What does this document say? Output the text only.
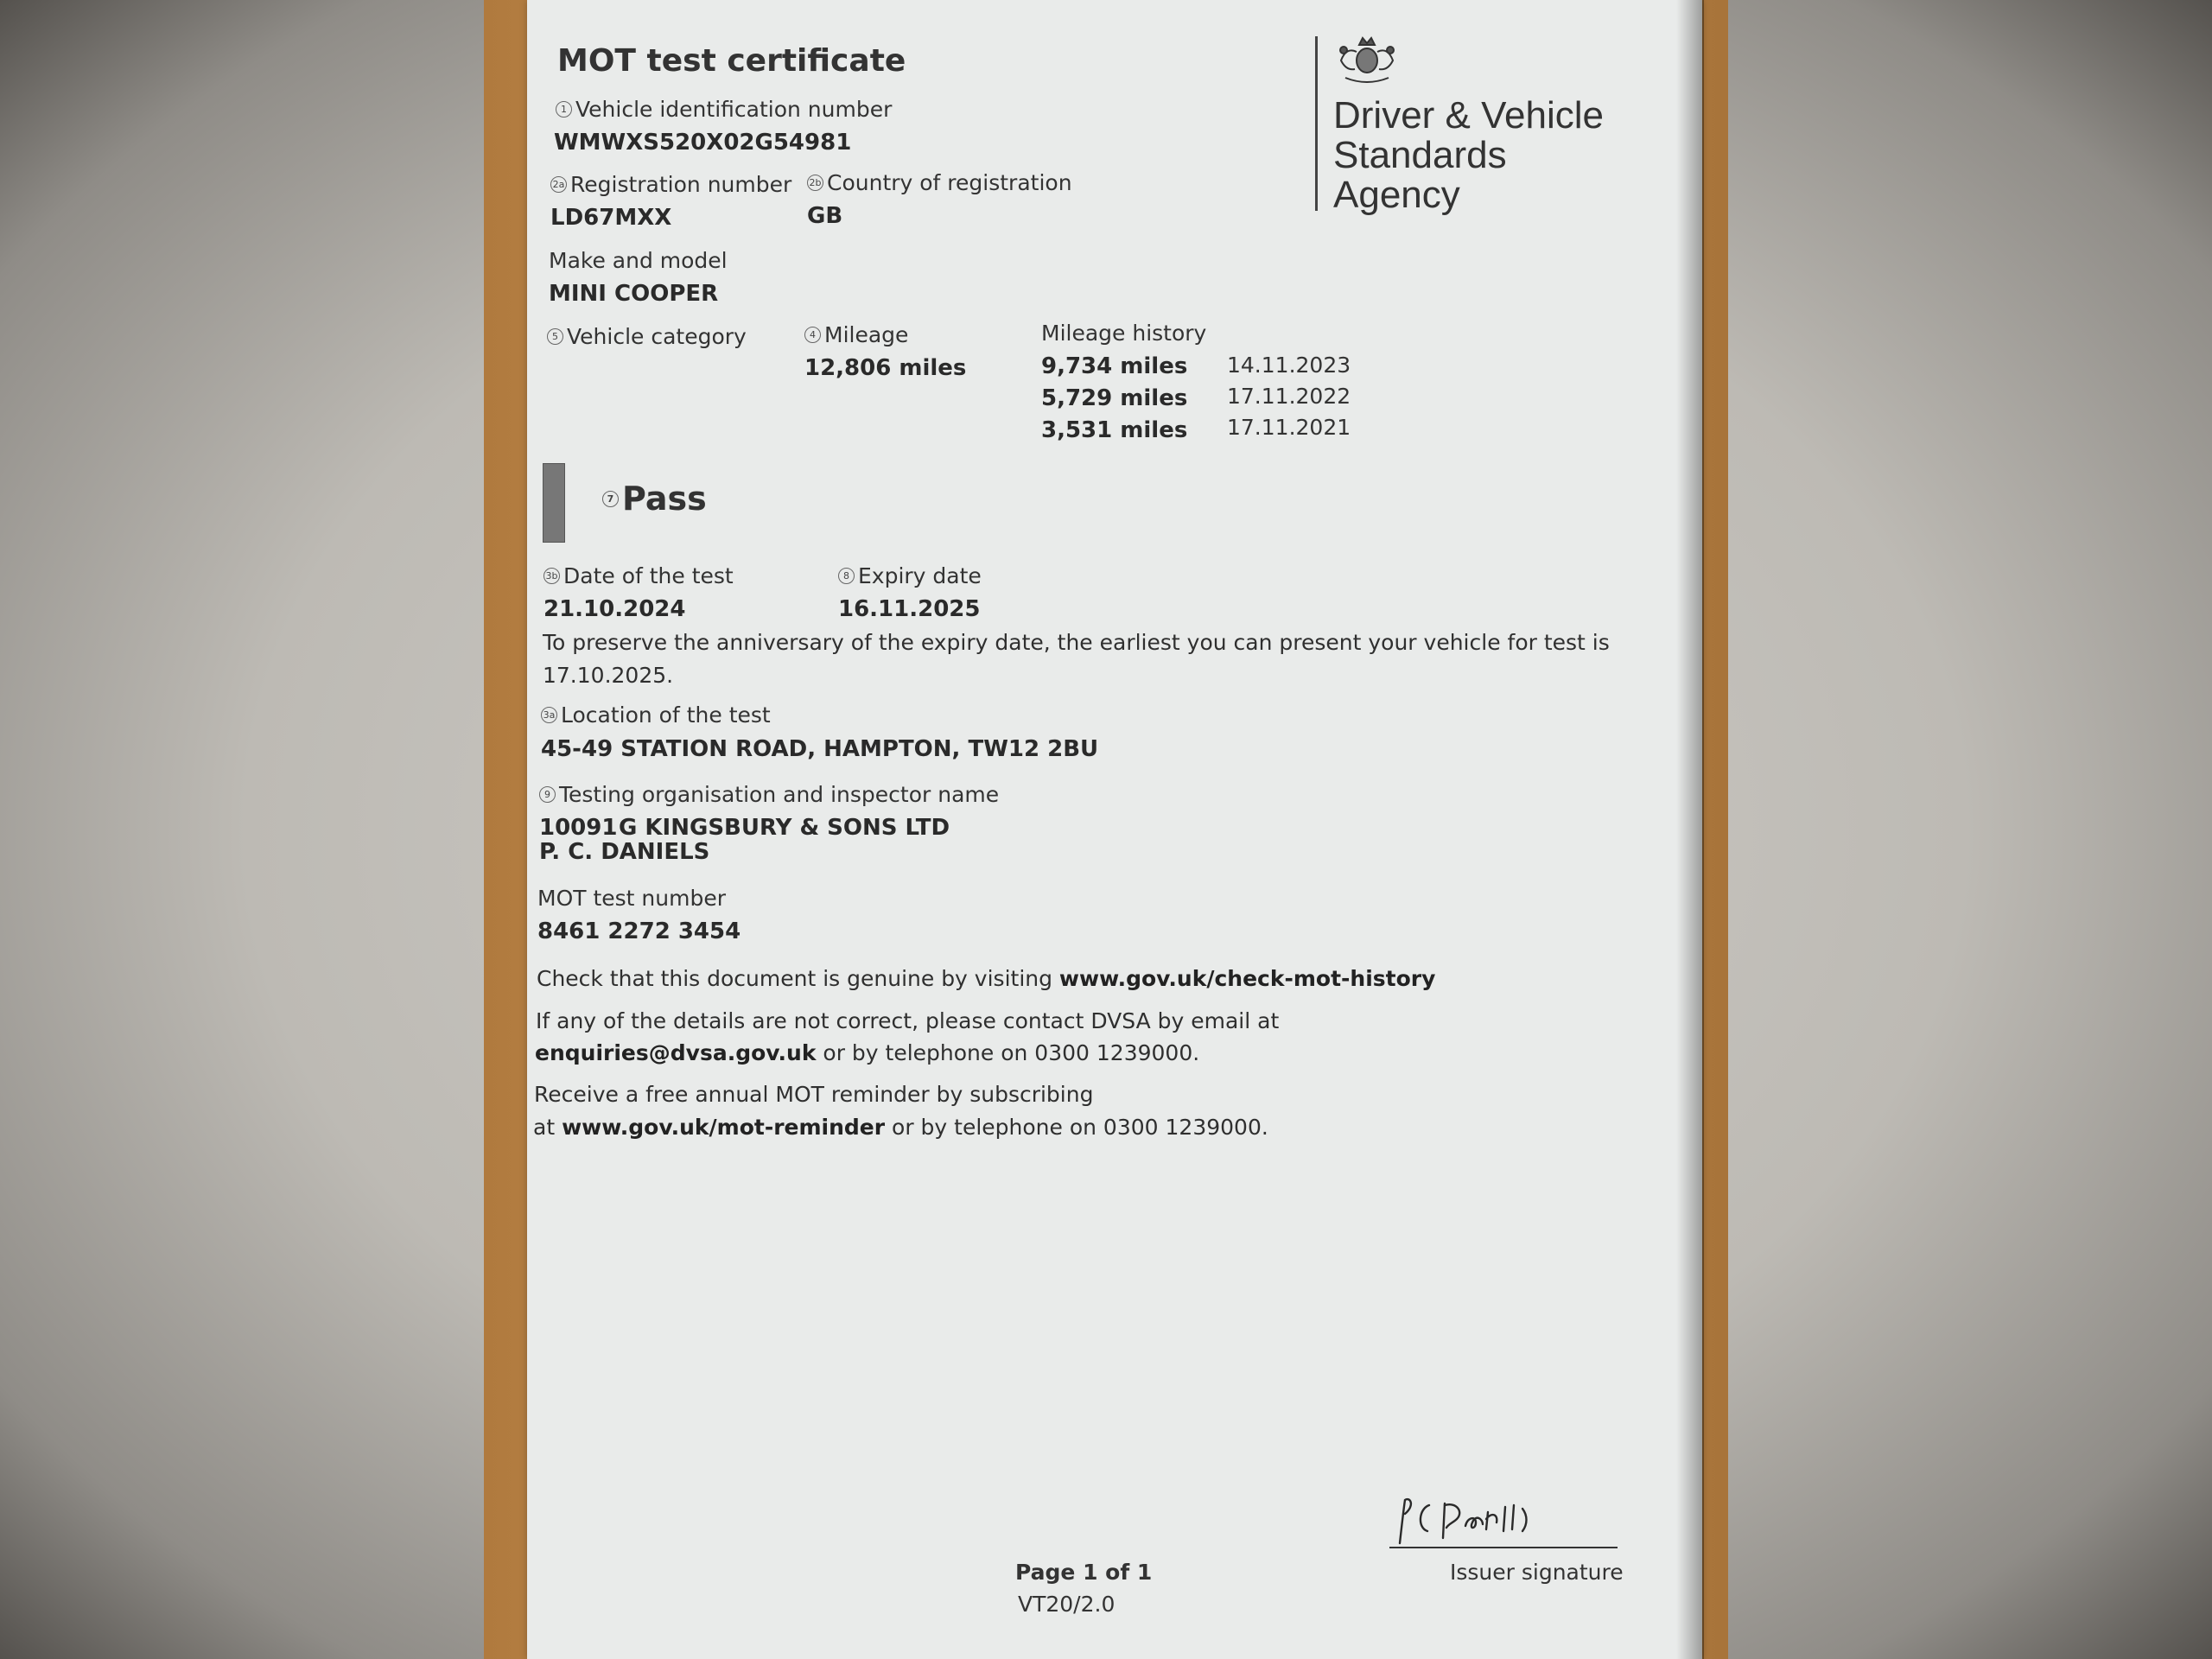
MOT test certificate
Driver & Vehicle
Standards
Agency
1 Vehicle identification number
WMWXS520X02G54981
2a Registration number
LD67MXX
2b Country of registration
GB
Make and model
MINI COOPER
5 Vehicle category	4 Mileage
12,806 miles
Mileage history
9,734 miles 14.11.2023
5,729 miles 17.11.2022
3,531 miles 17.11.2021
7 Pass
3b Date of the test
21.10.2024
8 Expiry date
16.11.2025
To preserve the anniversary of the expiry date, the earliest you can present your vehicle for test is
17.10.2025.
3a Location of the test
45-49 STATION ROAD, HAMPTON, TW12 2BU
9 Testing organisation and inspector name
10091 G KINGSBURY & SONS LTD
P. C. DANIELS
MOT test number
8461 2272 3454
Check that this document is genuine by visiting www.gov.uk/check-mot-history
If any of the details are not correct, please contact DVSA by email at
enquiries@dvsa.gov.uk or by telephone on 0300 1239000.
Receive a free annual MOT reminder by subscribing
at www.gov.uk/mot-reminder or by telephone on 0300 1239000.
Issuer signature
Page 1 of 1
VT20/2.0
